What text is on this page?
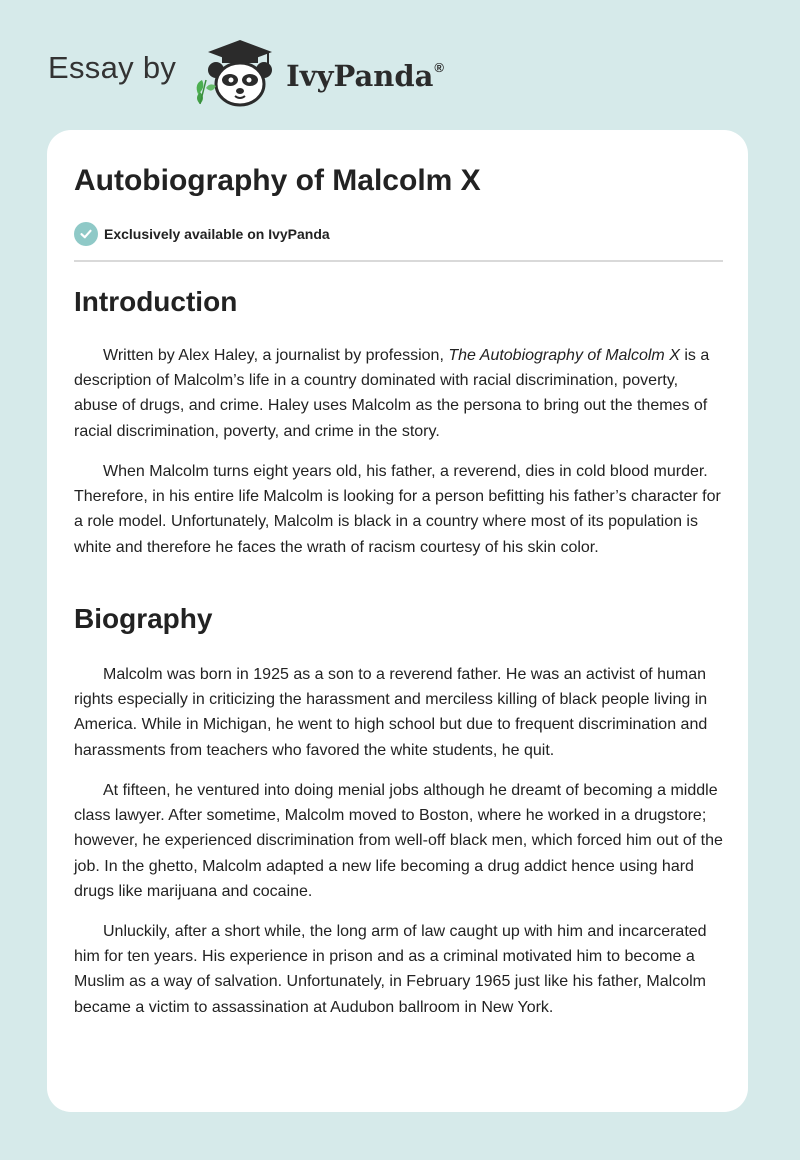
Essay by	IvyPanda®
Autobiography of Malcolm X
Exclusively available on IvyPanda
Introduction

Written by Alex Haley, a journalist by profession, The Autobiography of Malcolm X is a description of Malcolm’s life in a country dominated with racial discrimination, poverty, abuse of drugs, and crime. Haley uses Malcolm as the persona to bring out the themes of racial discrimination, poverty, and crime in the story.

When Malcolm turns eight years old, his father, a reverend, dies in cold blood murder. Therefore, in his entire life Malcolm is looking for a person befitting his father’s character for a role model. Unfortunately, Malcolm is black in a country where most of its population is white and therefore he faces the wrath of racism courtesy of his skin color.

Biography

Malcolm was born in 1925 as a son to a reverend father. He was an activist of human rights especially in criticizing the harassment and merciless killing of black people living in America. While in Michigan, he went to high school but due to frequent discrimination and harassments from teachers who favored the white students, he quit.

At fifteen, he ventured into doing menial jobs although he dreamt of becoming a middle class lawyer. After sometime, Malcolm moved to Boston, where he worked in a drugstore; however, he experienced discrimination from well-off black men, which forced him out of the job. In the ghetto, Malcolm adapted a new life becoming a drug addict hence using hard drugs like marijuana and cocaine.

Unluckily, after a short while, the long arm of law caught up with him and incarcerated him for ten years. His experience in prison and as a criminal motivated him to become a Muslim as a way of salvation. Unfortunately, in February 1965 just like his father, Malcolm became a victim to assassination at Audubon ballroom in New York.
